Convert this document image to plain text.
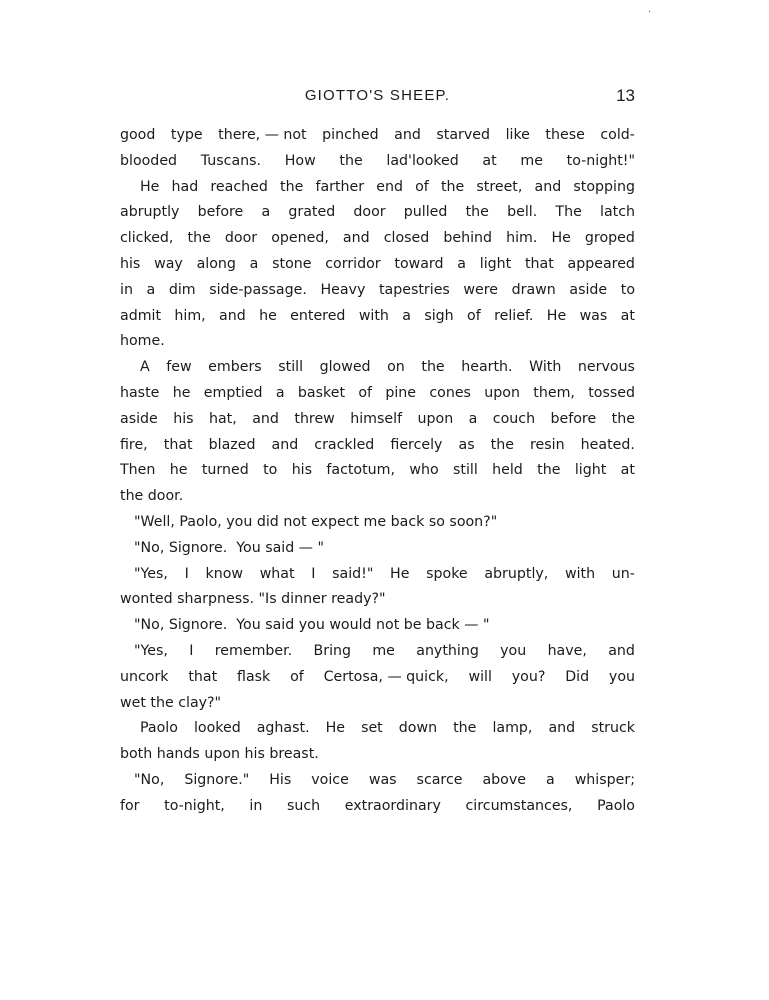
·
GIOTTO'S SHEEP.	13
good type there, — not pinched and starved like these cold-
blooded Tuscans. How the lad'looked at me to-night!"
He had reached the farther end of the street, and stopping
abruptly before a grated door pulled the bell. The latch
clicked, the door opened, and closed behind him. He groped
his way along a stone corridor toward a light that appeared
in a dim side-passage. Heavy tapestries were drawn aside to
admit him, and he entered with a sigh of relief. He was at
home.
A few embers still glowed on the hearth. With nervous
haste he emptied a basket of pine cones upon them, tossed
aside his hat, and threw himself upon a couch before the
fire, that blazed and crackled fiercely as the resin heated.
Then he turned to his factotum, who still held the light at
the door.
"Well, Paolo, you did not expect me back so soon?"
"No, Signore.  You said — "
"Yes, I know what I said!" He spoke abruptly, with un-
wonted sharpness. "Is dinner ready?"
"No, Signore.  You said you would not be back — "
"Yes, I remember. Bring me anything you have, and
uncork that flask of Certosa, — quick, will you? Did you
wet the clay?"
Paolo looked aghast. He set down the lamp, and struck
both hands upon his breast.
"No, Signore." His voice was scarce above a whisper;
for to-night, in such extraordinary circumstances, Paolo
